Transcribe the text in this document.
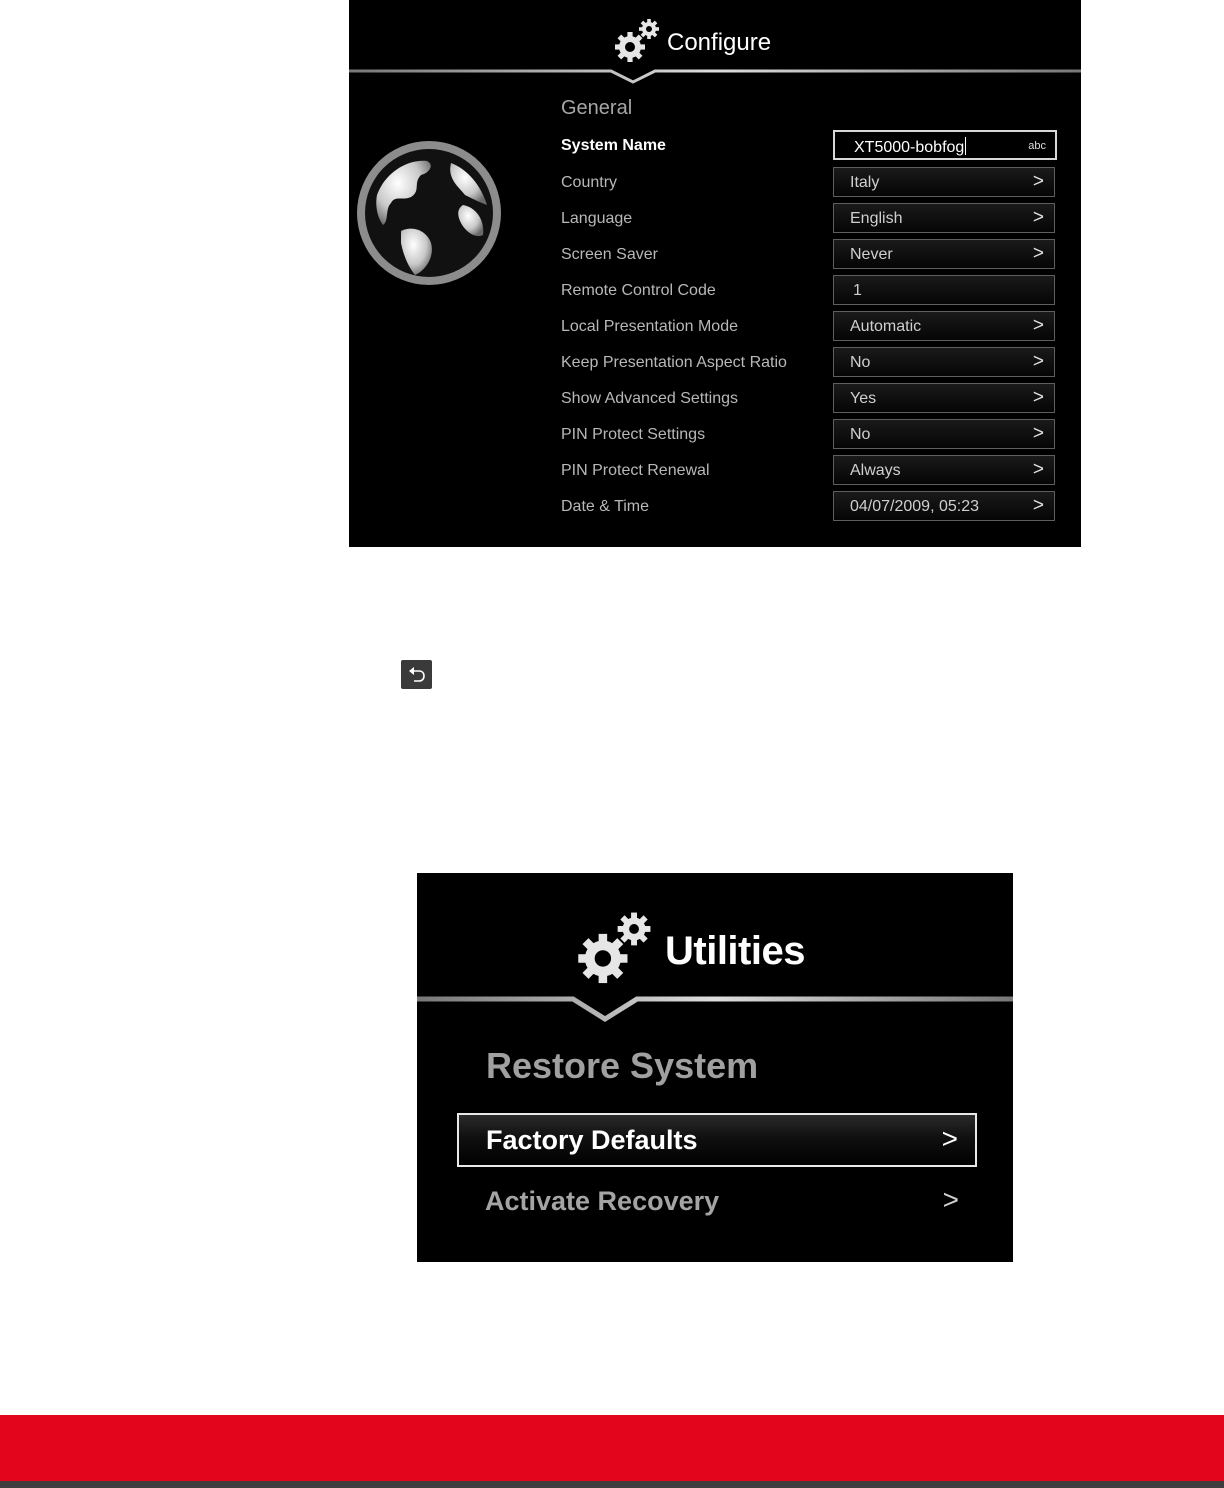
Configure
General
System Name	XT5000-bobfog	abc
Country	Italy	>
Language	English	>
Screen Saver	Never	>
Remote Control Code	1
Local Presentation Mode	Automatic	>
Keep Presentation Aspect Ratio	No	>
Show Advanced Settings	Yes	>
PIN Protect Settings	No	>
PIN Protect Renewal	Always	>
Date & Time	04/07/2009, 05:23	>
Utilities
Restore System
Factory Defaults	>
Activate Recovery	>
